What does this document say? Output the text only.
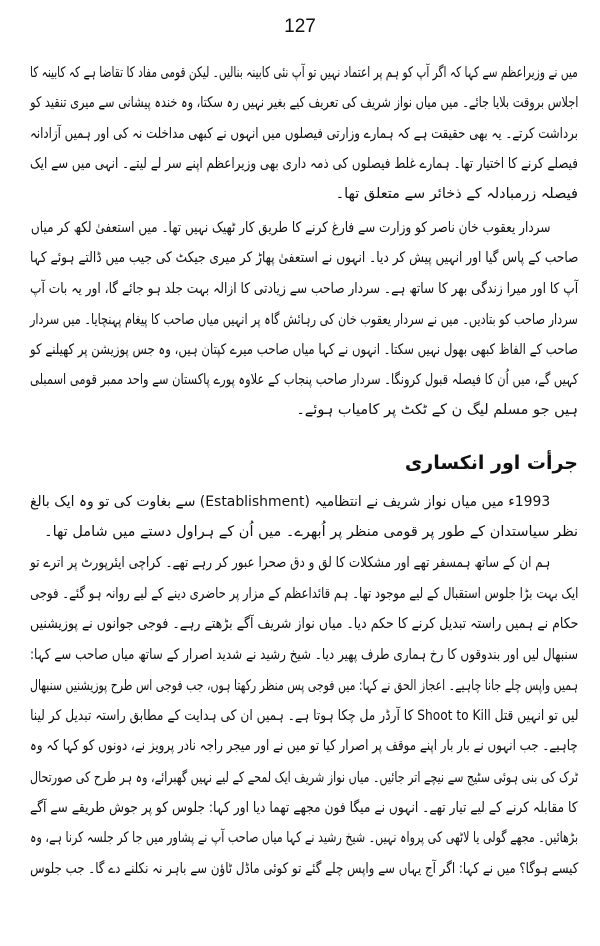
127
میں نے وزیراعظم سے کہا کہ اگر آپ کو ہم پر اعتماد نہیں تو آپ نئی کابینہ بنالیں۔ لیکن قومی مفاد کا تقاضا ہے کہ کابینہ کا
اجلاس بروقت بلایا جائے۔ میں میاں نواز شریف کی تعریف کیے بغیر نہیں رہ سکتا، وہ خندہ پیشانی سے میری تنقید کو
برداشت کرتے۔ یہ بھی حقیقت ہے کہ ہمارے وزارتی فیصلوں میں انہوں نے کبھی مداخلت نہ کی اور ہمیں آزادانہ
فیصلے کرنے کا اختیار تھا۔ ہمارے غلط فیصلوں کی ذمہ داری بھی وزیراعظم اپنے سر لے لیتے۔ انہی میں سے ایک
فیصلہ زرمبادلہ کے ذخائر سے متعلق تھا۔
سردار یعقوب خان ناصر کو وزارت سے فارغ کرنے کا طریق کار ٹھیک نہیں تھا۔ میں استعفیٰ لکھ کر میاں
صاحب کے پاس گیا اور انہیں پیش کر دیا۔ انہوں نے استعفیٰ پھاڑ کر میری جیکٹ کی جیب میں ڈالتے ہوئے کہا
آپ کا اور میرا زندگی بھر کا ساتھ ہے۔ سردار صاحب سے زیادتی کا ازالہ بہت جلد ہو جائے گا، اور یہ بات آپ
سردار صاحب کو بتادیں۔ میں نے سردار یعقوب خان کی رہائش گاہ پر انہیں میاں صاحب کا پیغام پہنچایا۔ میں سردار
صاحب کے الفاظ کبھی بھول نہیں سکتا۔ انہوں نے کہا میاں صاحب میرے کپتان ہیں، وہ جس پوزیشن پر کھیلنے کو
کہیں گے، میں اُن کا فیصلہ قبول کرونگا۔ سردار صاحب پنجاب کے علاوہ پورے پاکستان سے واحد ممبر قومی اسمبلی
ہیں جو مسلم لیگ ن کے ٹکٹ پر کامیاب ہوئے۔
جرأت اور انکساری
1993ء میں میاں نواز شریف نے انتظامیہ (Establishment) سے بغاوت کی تو وہ ایک بالغ
نظر سیاستدان کے طور پر قومی منظر پر اُبھرے۔ میں اُن کے ہراول دستے میں شامل تھا۔
ہم ان کے ساتھ ہمسفر تھے اور مشکلات کا لق و دق صحرا عبور کر رہے تھے۔ کراچی ایئرپورٹ پر اترے تو
ایک بہت بڑا جلوس استقبال کے لیے موجود تھا۔ ہم قائداعظم کے مزار پر حاضری دینے کے لیے روانہ ہو گئے۔ فوجی
حکام نے ہمیں راستہ تبدیل کرنے کا حکم دیا۔ میاں نواز شریف آگے بڑھتے رہے۔ فوجی جوانوں نے پوزیشنیں
سنبھال لیں اور بندوقوں کا رخ ہماری طرف پھیر دیا۔ شیخ رشید نے شدید اصرار کے ساتھ میاں صاحب سے کہا:
ہمیں واپس چلے جانا چاہیے۔ اعجاز الحق نے کہا: میں فوجی پس منظر رکھتا ہوں، جب فوجی اس طرح پوزیشنیں سنبھال
لیں تو انہیں قتل Shoot to Kill کا آرڈر مل چکا ہوتا ہے۔ ہمیں ان کی ہدایت کے مطابق راستہ تبدیل کر لینا
چاہیے۔ جب انہوں نے بار بار اپنے موقف پر اصرار کیا تو میں نے اور میجر راجہ نادر پرویز نے، دونوں کو کہا کہ وہ
ٹرک کی بنی ہوئی سٹیج سے نیچے اتر جائیں۔ میاں نواز شریف ایک لمحے کے لیے نہیں گھبرائے، وہ ہر طرح کی صورتحال
کا مقابلہ کرنے کے لیے تیار تھے۔ انہوں نے میگا فون مجھے تھما دیا اور کہا: جلوس کو پر جوش طریقے سے آگے
بڑھائیں۔ مجھے گولی یا لاٹھی کی پرواہ نہیں۔ شیخ رشید نے کہا میاں صاحب آپ نے پشاور میں جا کر جلسہ کرنا ہے، وہ
کیسے ہوگا؟ میں نے کہا: اگر آج یہاں سے واپس چلے گئے تو کوئی ماڈل ٹاؤن سے باہر نہ نکلنے دے گا۔ جب جلوس
